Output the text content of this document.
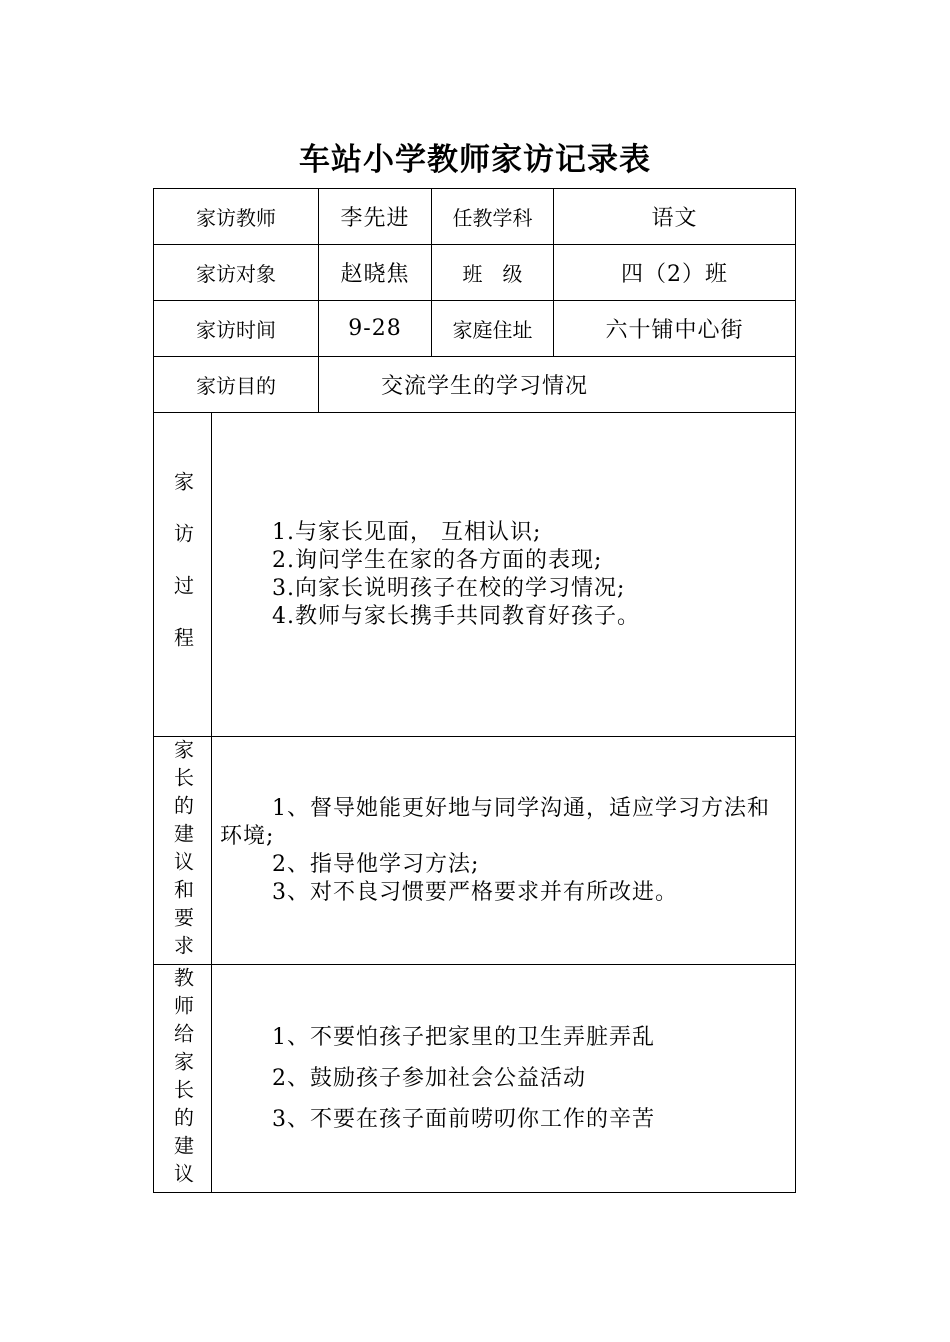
车站小学教师家访记录表
家访教师		李先进	任教学科	语文
家访对象		赵晓焦	班　级	四（2）班
家访时间		9-28	家庭住址	六十铺中心街
家访目的		交流学生的学习情况		

家访过程	1.与家长见面， 互相认识;
2.询问学生在家的各方面的表现;
3.向家长说明孩子在校的学习情况;
4.教师与家长携手共同教育好孩子。			

家长的建议和要求	1、督导她能更好地与同学沟通，适应学习方法和环境;
2、指导他学习方法;
3、对不良习惯要严格要求并有所改进。			

教师给家长的建议	1、不要怕孩子把家里的卫生弄脏弄乱
2、鼓励孩子参加社会公益活动
3、不要在孩子面前唠叨你工作的辛苦			
